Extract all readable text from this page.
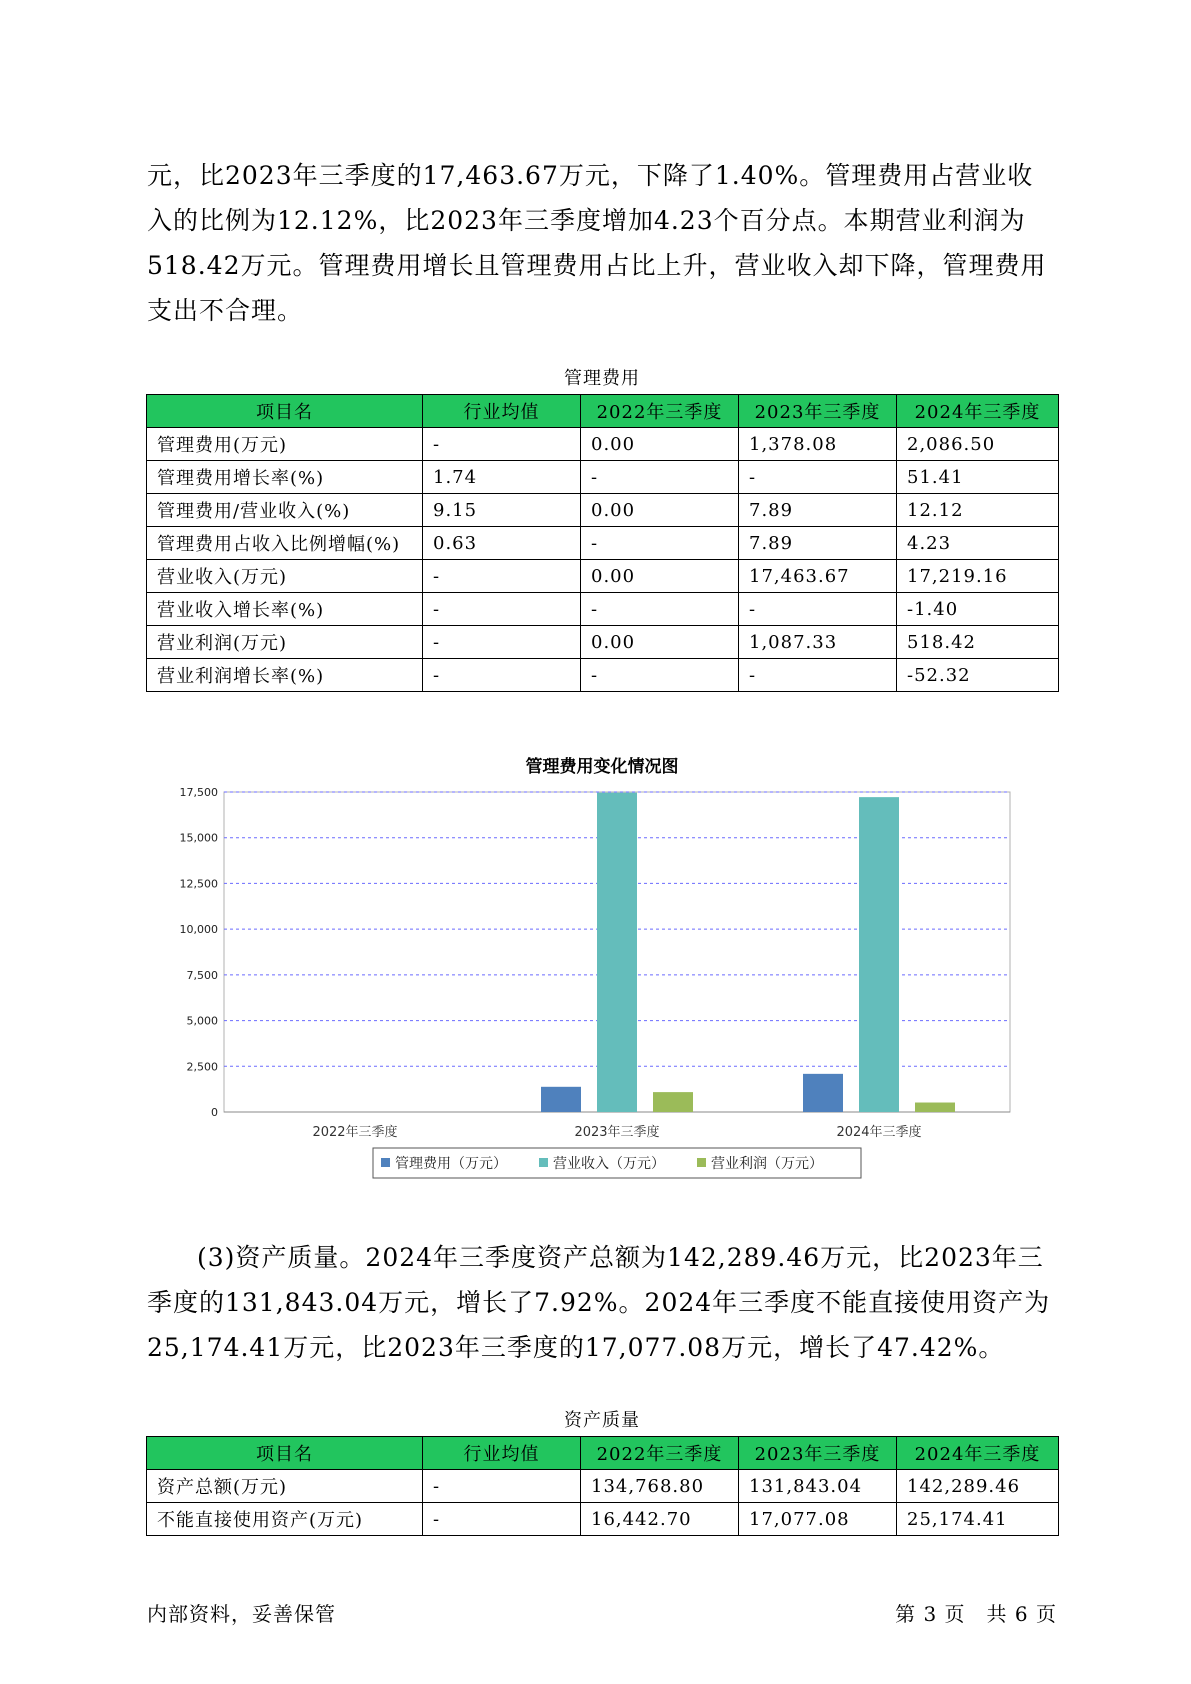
元，比2023年三季度的17,463.67万元，下降了1.40%。管理费用占营业收入的比例为12.12%，比2023年三季度增加4.23个百分点。本期营业利润为518.42万元。管理费用增长且管理费用占比上升，营业收入却下降，管理费用支出不合理。

管理费用
项目名	行业均值	2022年三季度	2023年三季度	2024年三季度
管理费用(万元)	-	0.00	1,378.08	2,086.50
管理费用增长率(%)	1.74	-	-	51.41
管理费用/营业收入(%)	9.15	0.00	7.89	12.12
管理费用占收入比例增幅(%)	0.63	-	7.89	4.23
营业收入(万元)	-	0.00	17,463.67	17,219.16
营业收入增长率(%)	-	-	-	-1.40
营业利润(万元)	-	0.00	1,087.33	518.42
营业利润增长率(%)	-	-	-	-52.32
管理费用变化情况图
0
2,500
5,000
7,500
10,000
12,500
15,000
17,500
2022年三季度	2023年三季度	2024年三季度
管理费用（万元）	营业收入（万元）	营业利润（万元）

(3)资产质量。2024年三季度资产总额为142,289.46万元，比2023年三季度的131,843.04万元，增长了7.92%。2024年三季度不能直接使用资产为25,174.41万元，比2023年三季度的17,077.08万元，增长了47.42%。

资产质量
项目名	行业均值	2022年三季度	2023年三季度	2024年三季度
资产总额(万元)	-	134,768.80	131,843.04	142,289.46
不能直接使用资产(万元)	-	16,442.70	17,077.08	25,174.41
内部资料，妥善保管	第 3 页　共 6 页
